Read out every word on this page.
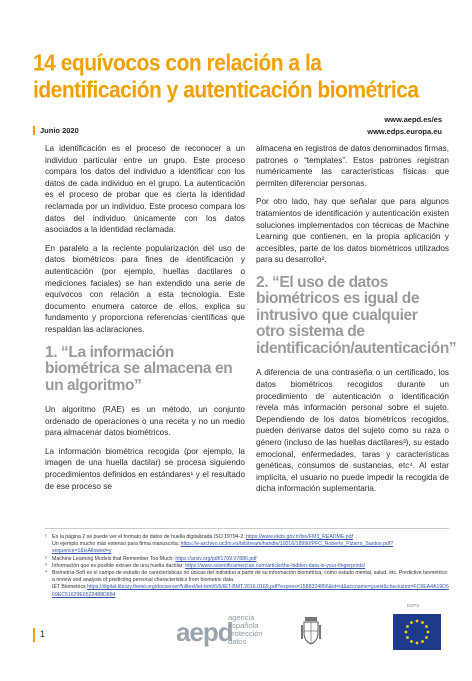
14 equívocos con relación a la
identificación y autenticación biométrica
Junio 2020
www.aepd.es/es
www.edps.europa.eu

La identificación es el proceso de reconocer a un individuo particular entre un grupo. Este proceso compara los datos del individuo a identificar con los datos de cada individuo en el grupo. La autenticación es el proceso de probar que es cierta la identidad reclamada por un individuo. Este proceso compara los datos del individuo únicamente con los datos asociados a la identidad reclamada.

En paralelo a la reciente popularización del uso de datos biométricos para fines de identificación y autenticación (por ejemplo, huellas dactilares o mediciones faciales) se han extendido una serie de equívocos con relación a esta tecnología. Este documento enumera catorce de ellos, explica su fundamento y proporciona referencias científicas que respaldan las aclaraciones.

1. “La información biométrica se almacena en un algoritmo”

Un algoritmo (RAE) es un método, un conjunto ordenado de operaciones o una receta y no un medio para almacenar datos biométricos.

La información biométrica recogida (por ejemplo, la imagen de una huella dactilar) se procesa siguiendo procedimientos definidos en estándares¹ y el resultado de ese proceso se

almacena en registros de datos denominados firmas, patrones o “templates”. Estos patrones registran numéricamente las características físicas que permiten diferenciar personas.

Por otro lado, hay que señalar que para algunos tratamientos de identificación y autenticación existen soluciones implementados con técnicas de Machine Learning que contienen, en la propia aplicación y accesibles, parte de los datos biométricos utilizados para su desarrollo².

2. “El uso de datos biométricos es igual de intrusivo que cualquier otro sistema de identificación/autenticación”

A diferencia de una contraseña o un certificado, los datos biométricos recogidos durante un procedimiento de autenticación o identificación revela más información personal sobre el sujeto. Dependiendo de los datos biométricos recogidos, pueden derivarse datos del sujeto como su raza o género (incluso de las huellas dactilares³), su estado emocional, enfermedades, taras y características genéticas, consumos de sustancias, etc⁴. Al estar implícita, el usuario no puede impedir la recogida de dicha información suplementaria.

¹	En la página 2 se puede ver el formato de datos de huella digitalizada ISO 19794-2: https://www.ekds.gov.tr/bio/FM3_README.pdf
Un ejemplo mucho más extenso para firma manuscrita: https://e-archivo.uc3m.es/bitstream/handle/10016/18990/PFC_Roberto_Pizarro_Santos.pdf?sequence=1&isAllowed=y
²	Machine Learning Models that Remember Too Much: https://arxiv.org/pdf/1709.07886.pdf
³	Información que es posible extraer de una huella dactilar: https://www.scientificamerican.com/article/the-hidden-data-in-your-fingerprints/
⁴ Biometría-Soft es el campo de estudio de características no únicas del individuo a partir de su información biométrica, como estado mental, salud, etc. Predictive biometrics: a review and analysis of predicting personal characteristics from biometric data.
IET Biometrics https://digital-library.theiet.org/docserver/fulltext/iet-bmt/6/6/IET-BMT.2016.0169.pdf?expires=1588324856&id=id&accname=guest&checksum=FC6EA4A19D569EC51629E6522488D884
1	aepd
agencia
española
protección
datos
EDPS
